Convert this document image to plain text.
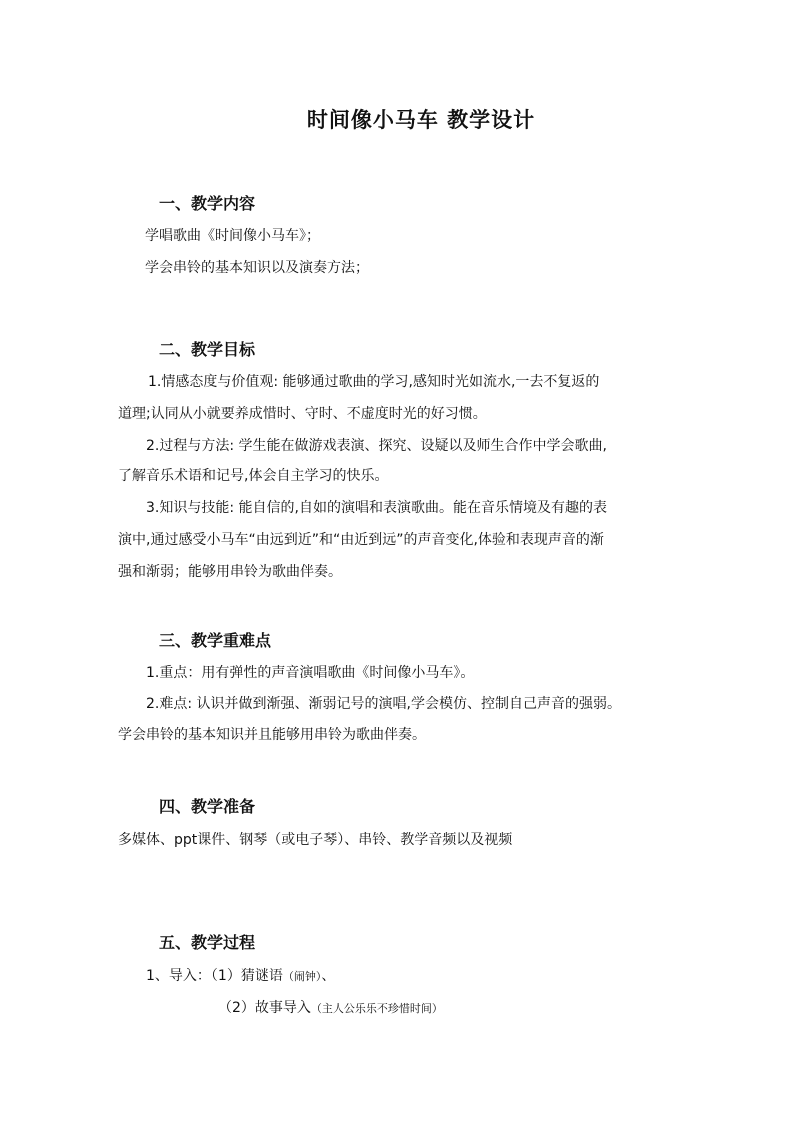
时间像小马车 教学设计
一、教学内容
学唱歌曲《时间像小马车》；
学会串铃的基本知识以及演奏方法；
二、教学目标
1.情感态度与价值观: 能够通过歌曲的学习,感知时光如流水,一去不复返的
道理;认同从小就要养成惜时、守时、不虚度时光的好习惯。
2.过程与方法: 学生能在做游戏表演、探究、设疑以及师生合作中学会歌曲,
了解音乐术语和记号,体会自主学习的快乐。
3.知识与技能: 能自信的,自如的演唱和表演歌曲。能在音乐情境及有趣的表
演中,通过感受小马车“由远到近”和“由近到远”的声音变化,体验和表现声音的渐
强和渐弱；能够用串铃为歌曲伴奏。
三、教学重难点
1.重点：用有弹性的声音演唱歌曲《时间像小马车》。
2.难点: 认识并做到渐强、渐弱记号的演唱,学会模仿、控制自己声音的强弱。
学会串铃的基本知识并且能够用串铃为歌曲伴奏。
四、教学准备
多媒体、ppt课件、钢琴（或电子琴）、串铃、教学音频以及视频
五、教学过程
1、导入：（1）猜谜语（闹钟）、
（2）故事导入（主人公乐乐不珍惜时间）
